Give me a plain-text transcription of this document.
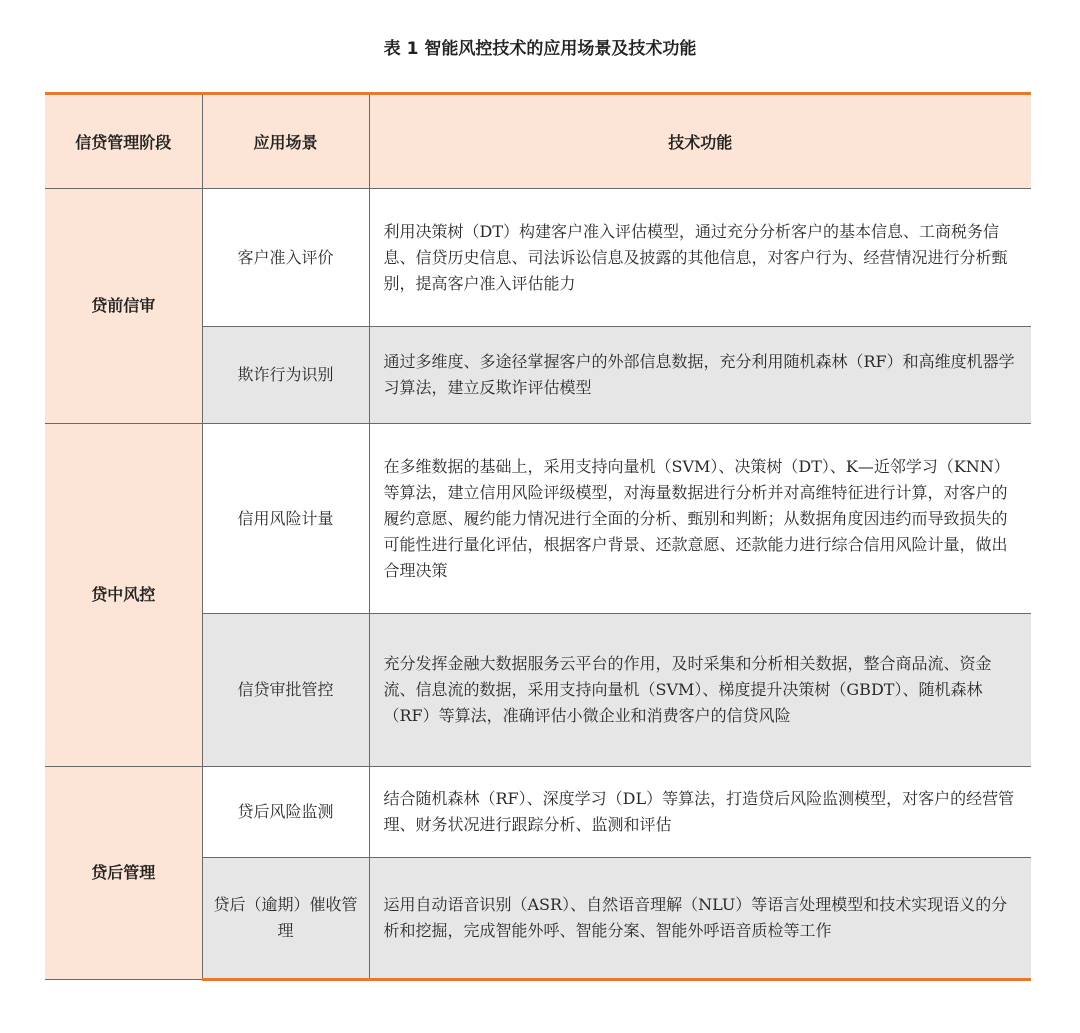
表 1 智能风控技术的应用场景及技术功能
信贷管理阶段	应用场景	技术功能
贷前信审	客户准入评价	利用决策树（DT）构建客户准入评估模型，通过充分分析客户的基本信息、工商税务信息、信贷历史信息、司法诉讼信息及披露的其他信息，对客户行为、经营情况进行分析甄别，提高客户准入评估能力
	欺诈行为识别	通过多维度、多途径掌握客户的外部信息数据，充分利用随机森林（RF）和高维度机器学习算法，建立反欺诈评估模型
贷中风控	信用风险计量	在多维数据的基础上，采用支持向量机（SVM）、决策树（DT）、K—近邻学习（KNN）等算法，建立信用风险评级模型，对海量数据进行分析并对高维特征进行计算，对客户的履约意愿、履约能力情况进行全面的分析、甄别和判断；从数据角度因违约而导致损失的可能性进行量化评估，根据客户背景、还款意愿、还款能力进行综合信用风险计量，做出合理决策
	信贷审批管控	充分发挥金融大数据服务云平台的作用，及时采集和分析相关数据，整合商品流、资金流、信息流的数据，采用支持向量机（SVM）、梯度提升决策树（GBDT）、随机森林（RF）等算法，准确评估小微企业和消费客户的信贷风险
贷后管理	贷后风险监测	结合随机森林（RF）、深度学习（DL）等算法，打造贷后风险监测模型，对客户的经营管理、财务状况进行跟踪分析、监测和评估
	贷后（逾期）催收管理	运用自动语音识别（ASR）、自然语音理解（NLU）等语言处理模型和技术实现语义的分析和挖掘，完成智能外呼、智能分案、智能外呼语音质检等工作
